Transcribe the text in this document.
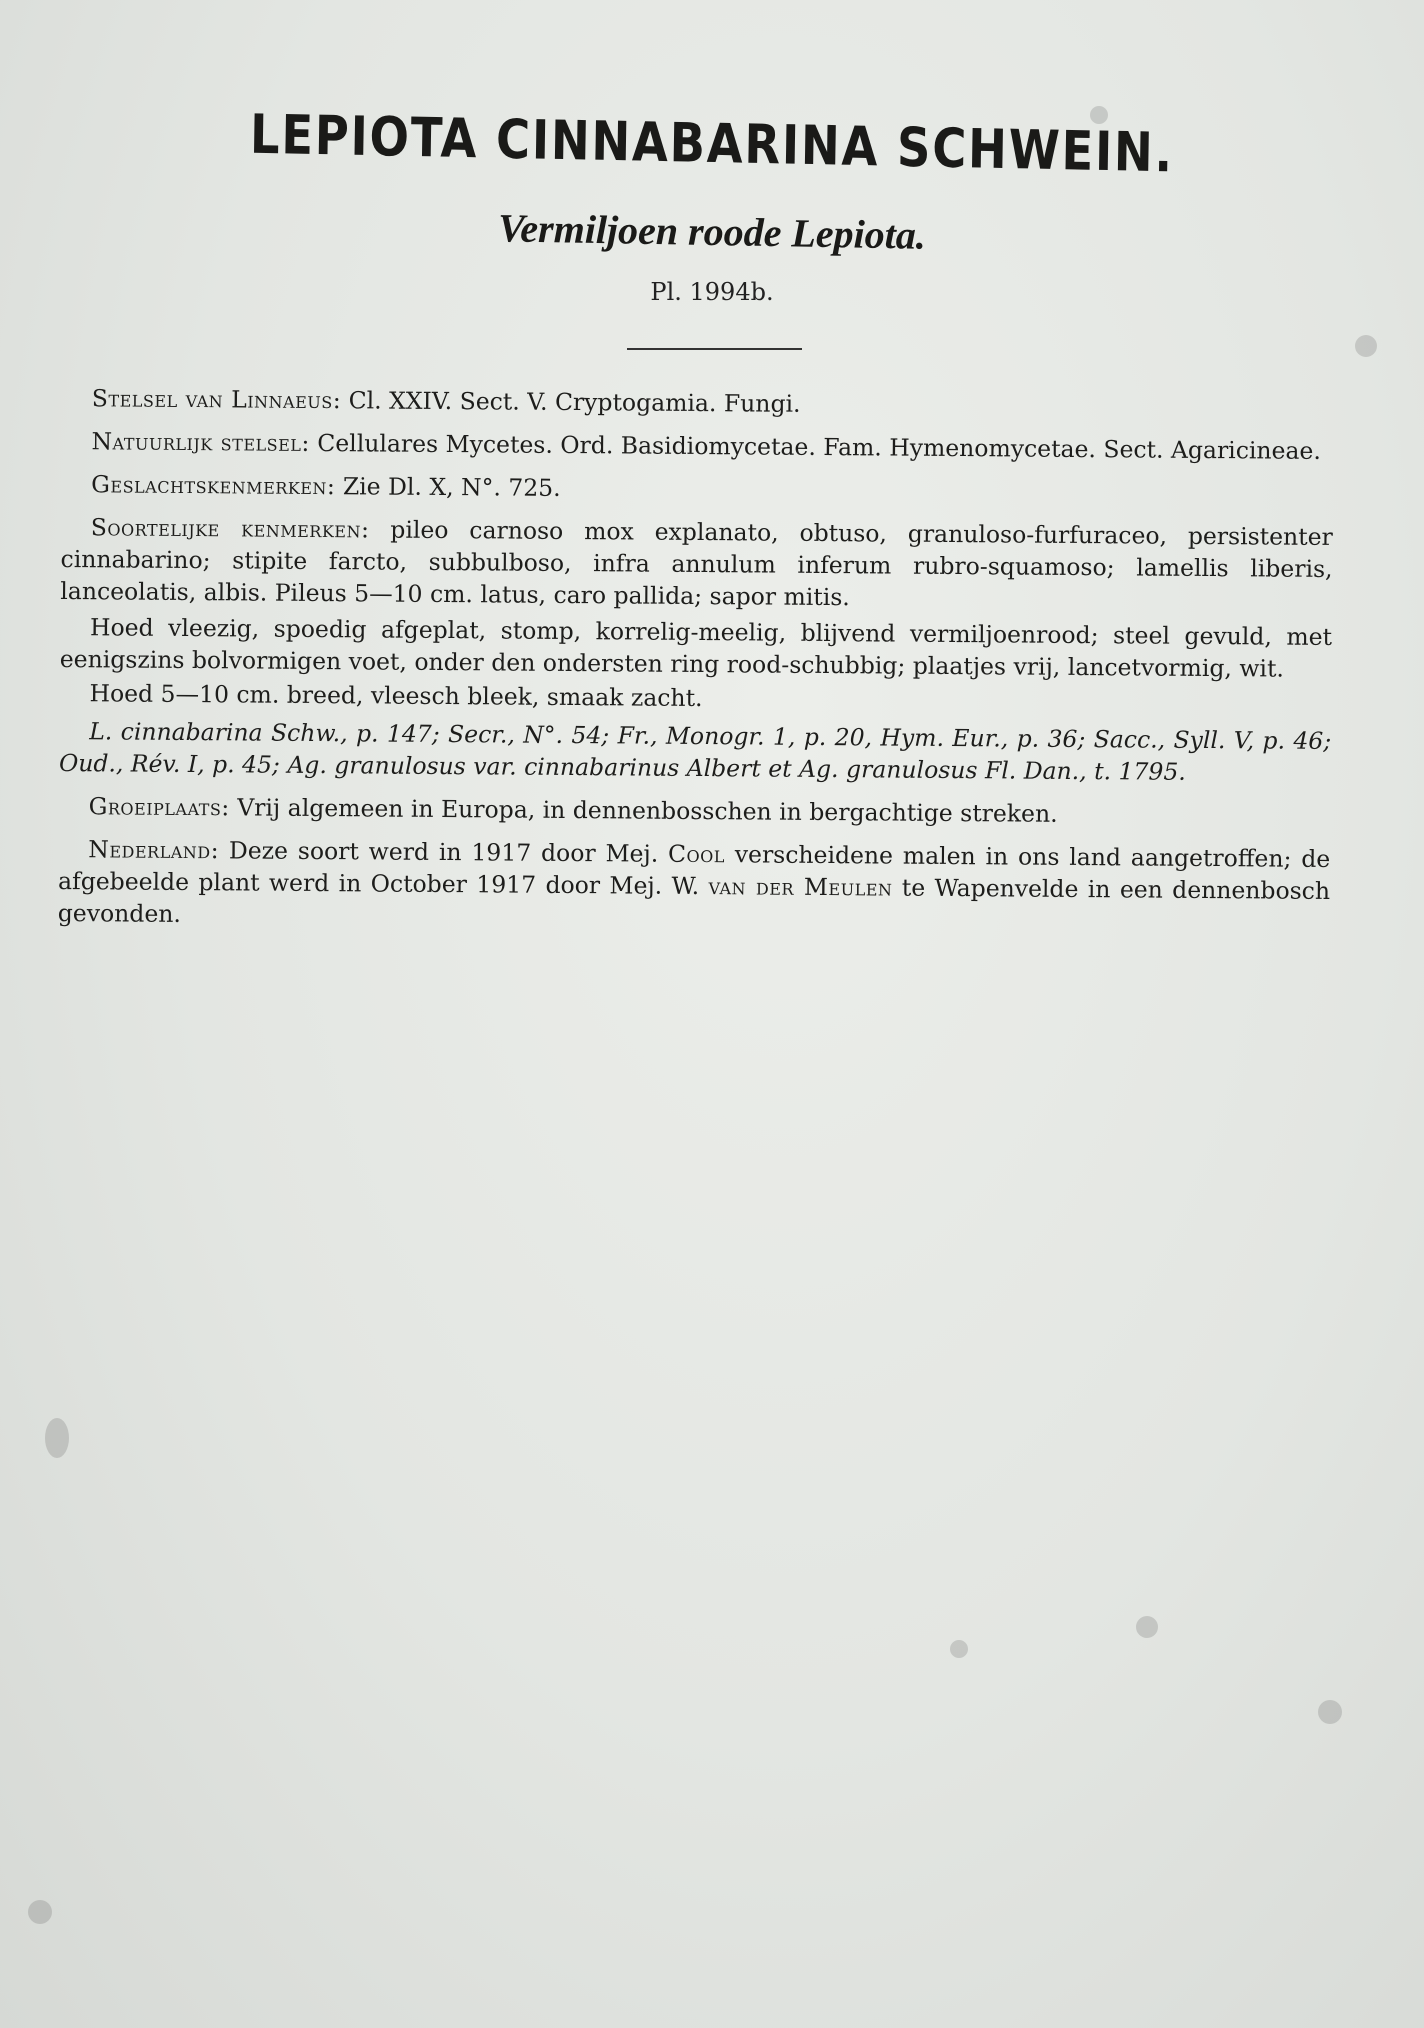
LEPIOTA CINNABARINA SCHWEIN.
Vermiljoen roode Lepiota.
Pl. 1994b.

Stelsel van Linnaeus: Cl. XXIV. Sect. V. Cryptogamia. Fungi.

Natuurlijk stelsel: Cellulares Mycetes. Ord. Basidiomycetae. Fam. Hymenomycetae. Sect. Agaricineae.

Geslachtskenmerken: Zie Dl. X, N°. 725.

Soortelijke kenmerken: pileo carnoso mox explanato, obtuso, granuloso-furfuraceo, persistenter cinnabarino; stipite farcto, subbulboso, infra annulum inferum rubro-squamoso; lamellis liberis, lanceolatis, albis. Pileus 5—10 cm. latus, caro pallida; sapor mitis.

Hoed vleezig, spoedig afgeplat, stomp, korrelig-meelig, blijvend vermiljoenrood; steel gevuld, met eenigszins bolvormigen voet, onder den ondersten ring rood-schubbig; plaatjes vrij, lancetvormig, wit.

Hoed 5—10 cm. breed, vleesch bleek, smaak zacht.

L. cinnabarina Schw., p. 147; Secr., N°. 54; Fr., Monogr. 1, p. 20, Hym. Eur., p. 36; Sacc., Syll. V, p. 46; Oud., Rév. I, p. 45; Ag. granulosus var. cinnabarinus Albert et Ag. granulosus Fl. Dan., t. 1795.

Groeiplaats: Vrij algemeen in Europa, in dennenbosschen in bergachtige streken.

Nederland: Deze soort werd in 1917 door Mej. Cool verscheidene malen in ons land aangetroffen; de afgebeelde plant werd in October 1917 door Mej. W. van der Meulen te Wapenvelde in een dennenbosch gevonden.
